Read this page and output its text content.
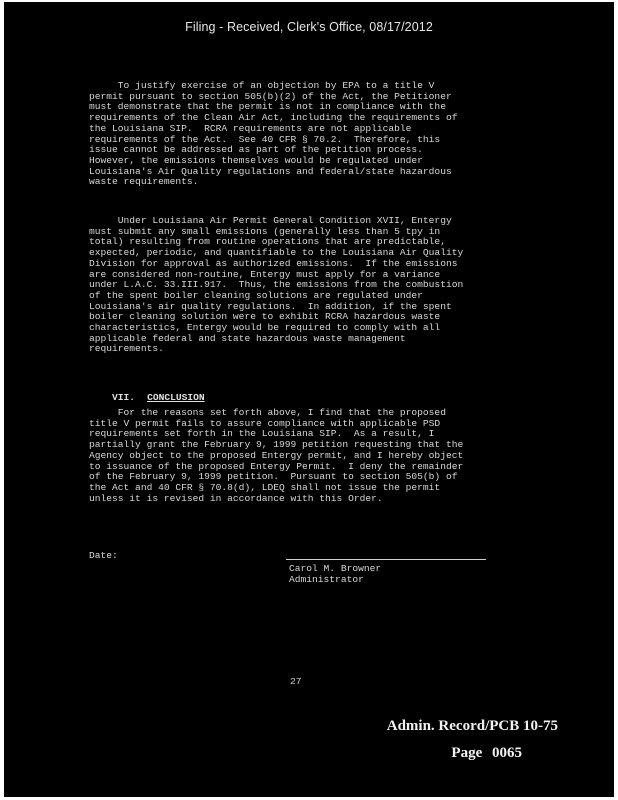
Filing - Received, Clerk's Office, 08/17/2012
To justify exercise of an objection by EPA to a title V
permit pursuant to section 505(b)(2) of the Act, the Petitioner
must demonstrate that the permit is not in compliance with the
requirements of the Clean Air Act, including the requirements of
the Louisiana SIP.  RCRA requirements are not applicable
requirements of the Act.  See 40 CFR § 70.2.  Therefore, this
issue cannot be addressed as part of the petition process.
However, the emissions themselves would be regulated under
Louisiana's Air Quality regulations and federal/state hazardous
waste requirements.
Under Louisiana Air Permit General Condition XVII, Entergy
must submit any small emissions (generally less than 5 tpy in
total) resulting from routine operations that are predictable,
expected, periodic, and quantifiable to the Louisiana Air Quality
Division for approval as authorized emissions.  If the emissions
are considered non-routine, Entergy must apply for a variance
under L.A.C. 33.III.917.  Thus, the emissions from the combustion
of the spent boiler cleaning solutions are regulated under
Louisiana's air quality regulations.  In addition, if the spent
boiler cleaning solution were to exhibit RCRA hazardous waste
characteristics, Entergy would be required to comply with all
applicable federal and state hazardous waste management
requirements.

VII. CONCLUSION

For the reasons set forth above, I find that the proposed
title V permit fails to assure compliance with applicable PSD
requirements set forth in the Louisiana SIP.  As a result, I
partially grant the February 9, 1999 petition requesting that the
Agency object to the proposed Entergy permit, and I hereby object
to issuance of the proposed Entergy Permit.  I deny the remainder
of the February 9, 1999 petition.  Pursuant to section 505(b) of
the Act and 40 CFR § 70.8(d), LDEQ shall not issue the permit
unless it is revised in accordance with this Order.
Date:
Carol M. Browner
Administrator
27
Admin. Record/PCB 10-75
Page 0065
